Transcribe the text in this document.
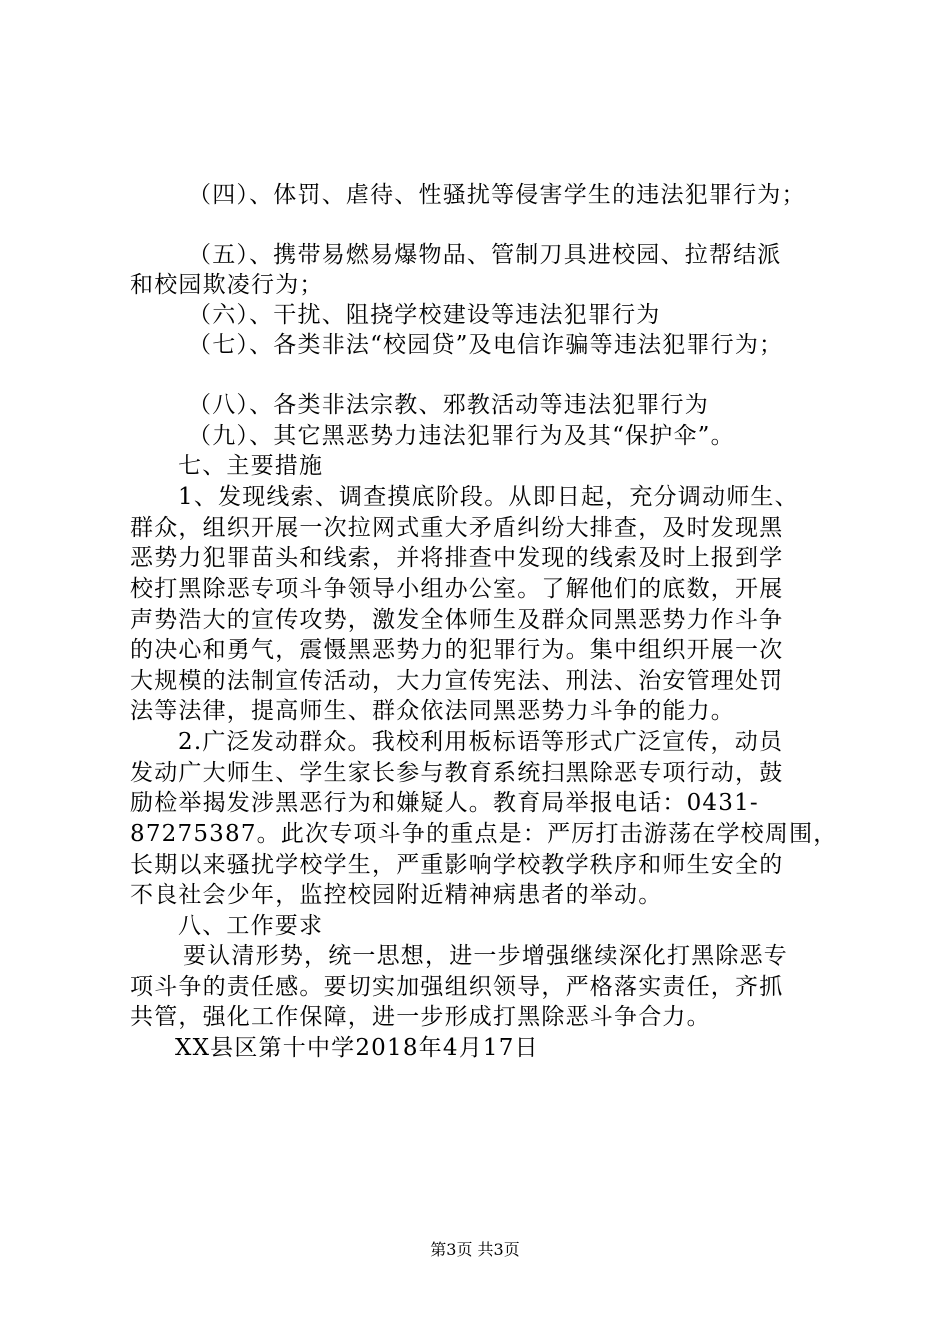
（四）、体罚、虐待、性骚扰等侵害学生的违法犯罪行为；
（五）、携带易燃易爆物品、管制刀具进校园、拉帮结派
和校园欺凌行为；
（六）、干扰、阻挠学校建设等违法犯罪行为
（七）、各类非法“校园贷”及电信诈骗等违法犯罪行为；
（八）、各类非法宗教、邪教活动等违法犯罪行为
（九）、其它黑恶势力违法犯罪行为及其“保护伞”。
七、主要措施
1、发现线索、调查摸底阶段。从即日起，充分调动师生、
群众，组织开展一次拉网式重大矛盾纠纷大排查，及时发现黑
恶势力犯罪苗头和线索，并将排查中发现的线索及时上报到学
校打黑除恶专项斗争领导小组办公室。了解他们的底数，开展
声势浩大的宣传攻势，激发全体师生及群众同黑恶势力作斗争
的决心和勇气，震慑黑恶势力的犯罪行为。集中组织开展一次
大规模的法制宣传活动，大力宣传宪法、刑法、治安管理处罚
法等法律，提高师生、群众依法同黑恶势力斗争的能力。
2.广泛发动群众。我校利用板标语等形式广泛宣传，动员
发动广大师生、学生家长参与教育系统扫黑除恶专项行动，鼓
励检举揭发涉黑恶行为和嫌疑人。教育局举报电话：0431-
87275387。此次专项斗争的重点是：严厉打击游荡在学校周围，
长期以来骚扰学校学生，严重影响学校教学秩序和师生安全的
不良社会少年，监控校园附近精神病患者的举动。
八、工作要求
要认清形势，统一思想，进一步增强继续深化打黑除恶专
项斗争的责任感。要切实加强组织领导，严格落实责任，齐抓
共管，强化工作保障，进一步形成打黑除恶斗争合力。
XX县区第十中学2018年4月17日
第3页 共3页
